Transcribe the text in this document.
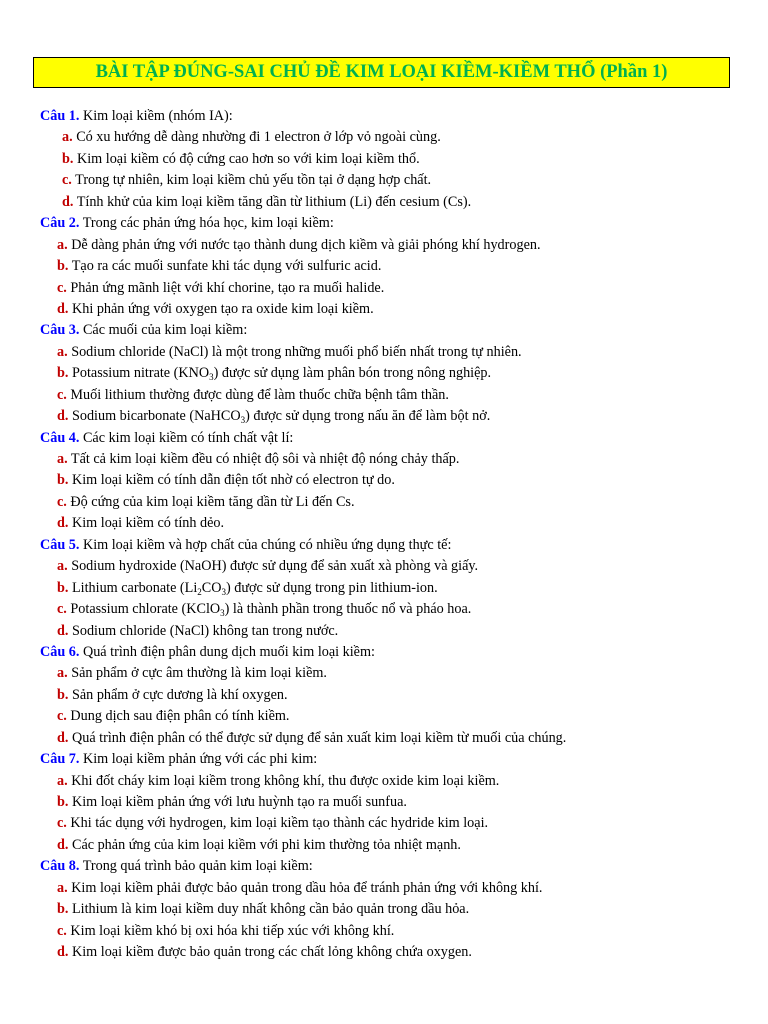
BÀI TẬP ĐÚNG-SAI CHỦ ĐỀ KIM LOẠI KIỀM-KIỀM THỔ (Phần 1)
Câu 1. Kim loại kiềm (nhóm IA):
a. Có xu hướng dễ dàng nhường đi 1 electron ở lớp vỏ ngoài cùng.
b. Kim loại kiềm có độ cứng cao hơn so với kim loại kiềm thổ.
c. Trong tự nhiên, kim loại kiềm chủ yếu tồn tại ở dạng hợp chất.
d. Tính khử của kim loại kiềm tăng dần từ lithium (Li) đến cesium (Cs).
Câu 2. Trong các phản ứng hóa học, kim loại kiềm:
a. Dễ dàng phản ứng với nước tạo thành dung dịch kiềm và giải phóng khí hydrogen.
b. Tạo ra các muối sunfate khi tác dụng với sulfuric acid.
c. Phản ứng mãnh liệt với khí chorine, tạo ra muối halide.
d. Khi phản ứng với oxygen tạo ra oxide kim loại kiềm.
Câu 3. Các muối của kim loại kiềm:
a. Sodium chloride (NaCl) là một trong những muối phổ biến nhất trong tự nhiên.
b. Potassium nitrate $(KNO_3)$ được sử dụng làm phân bón trong nông nghiệp.
c. Muối lithium thường được dùng để làm thuốc chữa bệnh tâm thần.
d. Sodium bicarbonate (NaHCO$_3$) được sử dụng trong nấu ăn để làm bột nở.
Câu 4. Các kim loại kiềm có tính chất vật lí:
a. Tất cả kim loại kiềm đều có nhiệt độ sôi và nhiệt độ nóng chảy thấp.
b. Kim loại kiềm có tính dẫn điện tốt nhờ có electron tự do.
c. Độ cứng của kim loại kiềm tăng dần từ Li đến Cs.
d. Kim loại kiềm có tính dẻo.
Câu 5. Kim loại kiềm và hợp chất của chúng có nhiều ứng dụng thực tế:
a. Sodium hydroxide (NaOH) được sử dụng để sản xuất xà phòng và giấy.
b. Lithium carbonate $(Li_2CO_3)$ được sử dụng trong pin lithium-ion.
c. Potassium chlorate (KClO$_3$) là thành phần trong thuốc nổ và pháo hoa.
d. Sodium chloride (NaCl) không tan trong nước.
Câu 6. Quá trình điện phân dung dịch muối kim loại kiềm:
a. Sản phẩm ở cực âm thường là kim loại kiềm.
b. Sản phẩm ở cực dương là khí oxygen.
c. Dung dịch sau điện phân có tính kiềm.
d. Quá trình điện phân có thể được sử dụng để sản xuất kim loại kiềm từ muối của chúng.
Câu 7. Kim loại kiềm phản ứng với các phi kim:
a. Khi đốt cháy kim loại kiềm trong không khí, thu được oxide kim loại kiềm.
b. Kim loại kiềm phản ứng với lưu huỳnh tạo ra muối sunfua.
c. Khi tác dụng với hydrogen, kim loại kiềm tạo thành các hydride kim loại.
d. Các phản ứng của kim loại kiềm với phi kim thường tỏa nhiệt mạnh.
Câu 8. Trong quá trình bảo quản kim loại kiềm:
a. Kim loại kiềm phải được bảo quản trong dầu hỏa để tránh phản ứng với không khí.
b. Lithium là kim loại kiềm duy nhất không cần bảo quản trong dầu hỏa.
c. Kim loại kiềm khó bị oxi hóa khi tiếp xúc với không khí.
d. Kim loại kiềm được bảo quản trong các chất lỏng không chứa oxygen.
